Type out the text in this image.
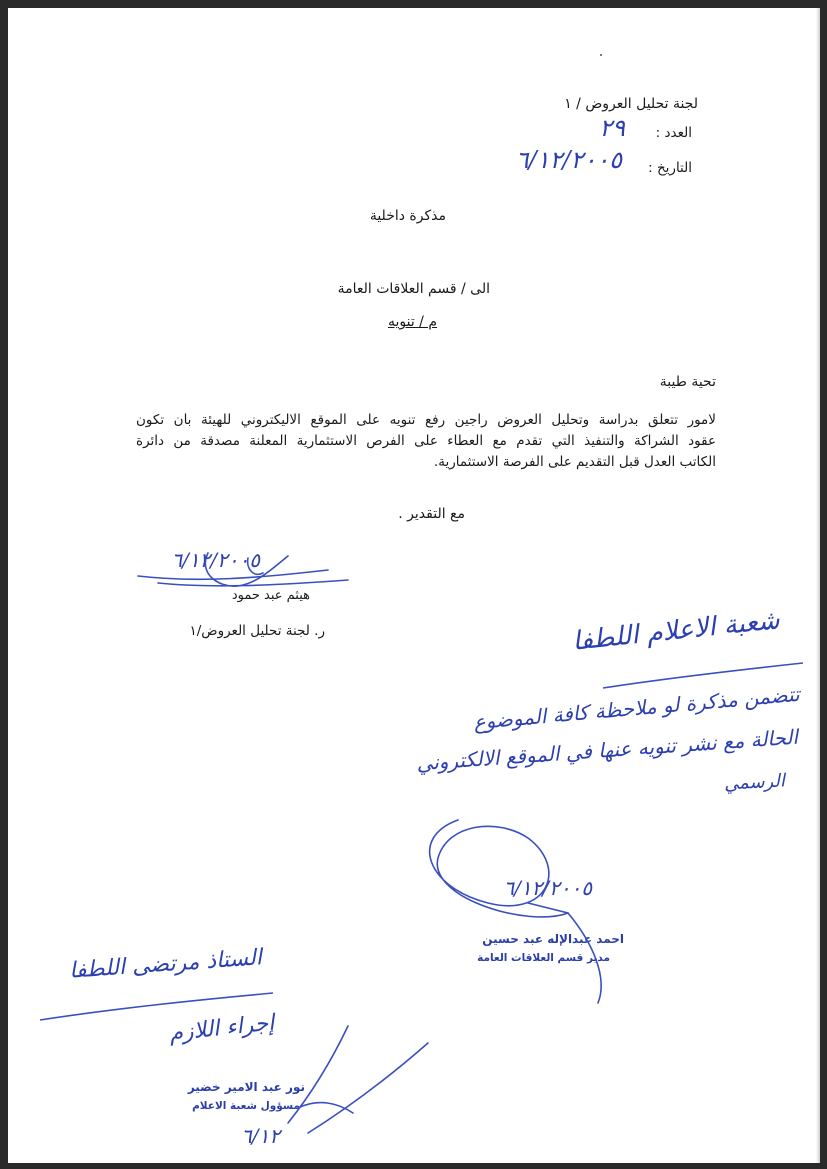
لجنة تحليل العروض / ١
العدد :
٢٩
التاريخ :
٦/١٢/٢٠٠٥
مذكرة داخلية
الى / قسم العلاقات العامة
م / تنويه
تحية طيبة
لامور تتعلق بدراسة وتحليل العروض راجين رفع تنويه على الموقع الاليكتروني للهيئة بان تكون
عقود الشراكة والتنفيذ التي تقدم مع العطاء على الفرص الاستثمارية المعلنة مصدقة من دائرة
الكاتب العدل قبل التقديم على الفرصة الاستثمارية.
مع التقدير .
٦/١٢/٢٠٠٥
هيثم عبد حمود
ر. لجنة تحليل العروض/١	شعبة الاعلام اللطفا
تتضمن مذكرة لو ملاحظة كافة الموضوع
الحالة مع نشر تنويه عنها في الموقع الالكتروني
الرسمي
٦/١٢/٢٠٠٥
احمد عبدالإله عبد حسين
مدير قسم العلاقات العامة
الستاذ مرتضى اللطفا
إجراء اللازم
نور عبد الامير خضير
مسؤول شعبة الاعلام
٦/١٢
